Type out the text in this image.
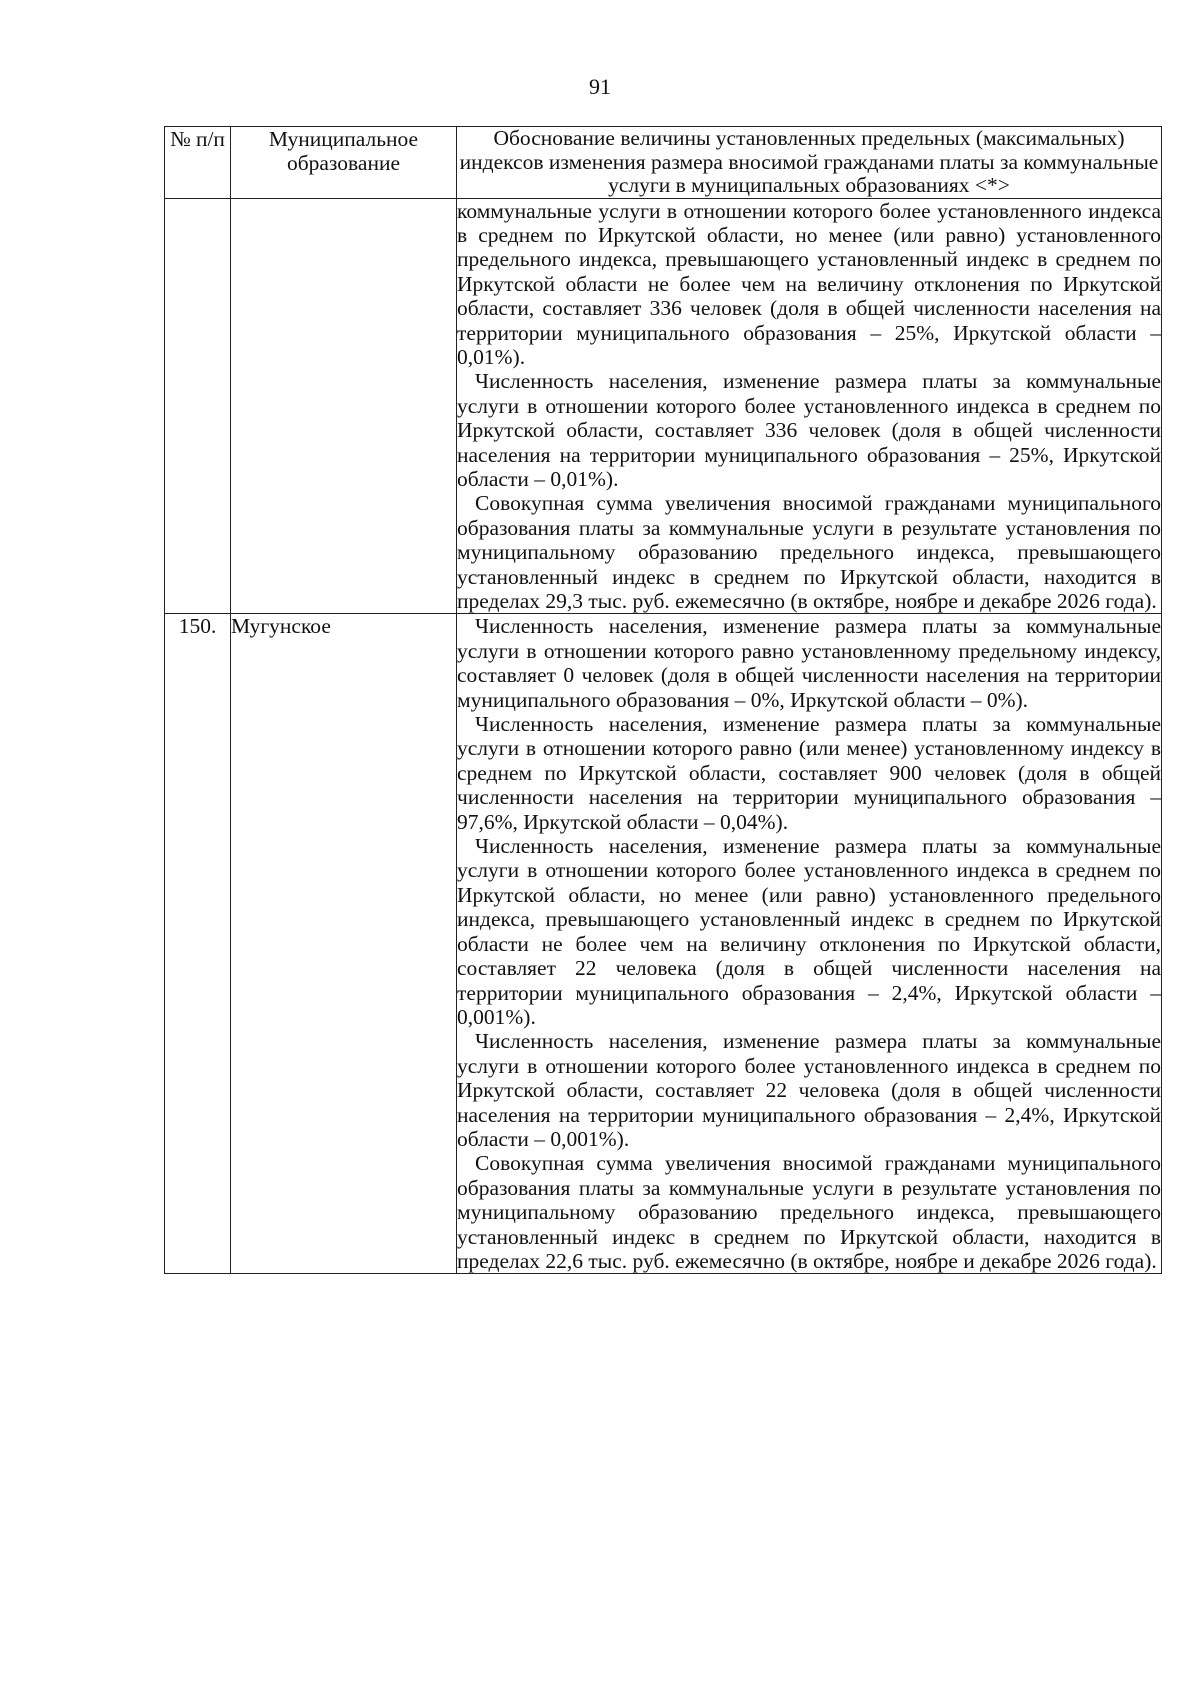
91
№ п/п	Муниципальное образование	Обоснование величины установленных предельных (максимальных) индексов изменения размера вносимой гражданами платы за коммунальные услуги в муниципальных образованиях <*>

		коммунальные услуги в отношении которого более установленного индекса в среднем по Иркутской области, но менее (или равно) установленного предельного индекса, превышающего установленный индекс в среднем по Иркутской области не более чем на величину отклонения по Иркутской области, составляет 336 человек (доля в общей численности населения на территории муниципального образования – 25%, Иркутской области – 0,01%).

Численность населения, изменение размера платы за коммунальные услуги в отношении которого более установленного индекса в среднем по Иркутской области, составляет 336 человек (доля в общей численности населения на территории муниципального образования – 25%, Иркутской области – 0,01%).

Совокупная сумма увеличения вносимой гражданами муниципального образования платы за коммунальные услуги в результате установления по муниципальному образованию предельного индекса, превышающего установленный индекс в среднем по Иркутской области, находится в пределах 29,3 тыс. руб. ежемесячно (в октябре, ноябре и декабре 2026 года).

150.	Мугунское	Численность населения, изменение размера платы за коммунальные услуги в отношении которого равно установленному предельному индексу, составляет 0 человек (доля в общей численности населения на территории муниципального образования – 0%, Иркутской области – 0%).

Численность населения, изменение размера платы за коммунальные услуги в отношении которого равно (или менее) установленному индексу в среднем по Иркутской области, составляет 900 человек (доля в общей численности населения на территории муниципального образования – 97,6%, Иркутской области – 0,04%).

Численность населения, изменение размера платы за коммунальные услуги в отношении которого более установленного индекса в среднем по Иркутской области, но менее (или равно) установленного предельного индекса, превышающего установленный индекс в среднем по Иркутской области не более чем на величину отклонения по Иркутской области, составляет 22 человека (доля в общей численности населения на территории муниципального образования – 2,4%, Иркутской области – 0,001%).

Численность населения, изменение размера платы за коммунальные услуги в отношении которого более установленного индекса в среднем по Иркутской области, составляет 22 человека (доля в общей численности населения на территории муниципального образования – 2,4%, Иркутской области – 0,001%).

Совокупная сумма увеличения вносимой гражданами муниципального образования платы за коммунальные услуги в результате установления по муниципальному образованию предельного индекса, превышающего установленный индекс в среднем по Иркутской области, находится в пределах 22,6 тыс. руб. ежемесячно (в октябре, ноябре и декабре 2026 года).
